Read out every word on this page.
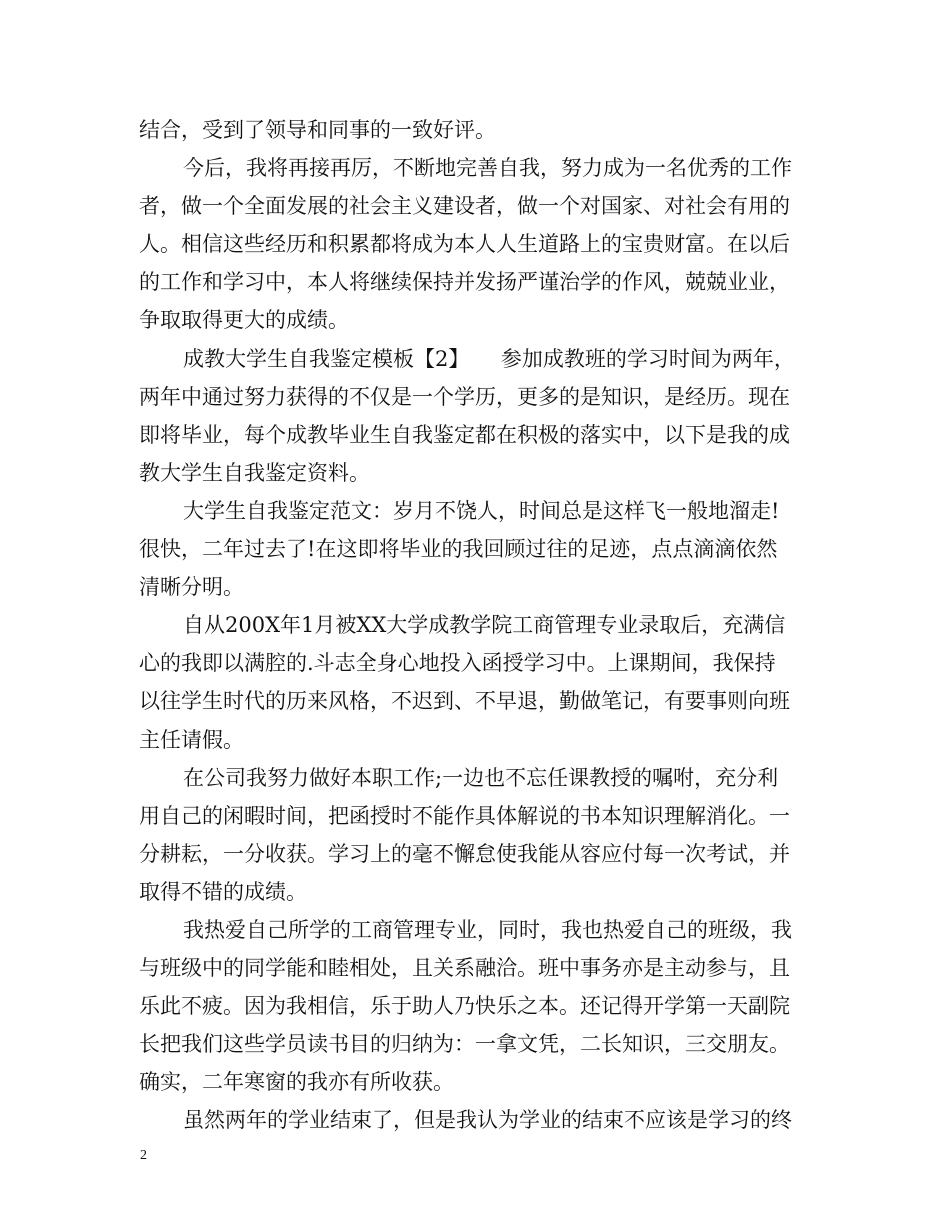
结合，受到了领导和同事的一致好评。
今后，我将再接再厉，不断地完善自我，努力成为一名优秀的工作
者，做一个全面发展的社会主义建设者，做一个对国家、对社会有用的
人。相信这些经历和积累都将成为本人人生道路上的宝贵财富。在以后
的工作和学习中，本人将继续保持并发扬严谨治学的作风，兢兢业业，
争取取得更大的成绩。
成教大学生自我鉴定模板【2】　　参加成教班的学习时间为两年，
两年中通过努力获得的不仅是一个学历，更多的是知识，是经历。现在
即将毕业，每个成教毕业生自我鉴定都在积极的落实中，以下是我的成
教大学生自我鉴定资料。
大学生自我鉴定范文：岁月不饶人，时间总是这样飞一般地溜走!
很快，二年过去了!在这即将毕业的我回顾过往的足迹，点点滴滴依然
清晰分明。
自从200X年1月被XX大学成教学院工商管理专业录取后，充满信
心的我即以满腔的.斗志全身心地投入函授学习中。上课期间，我保持
以往学生时代的历来风格，不迟到、不早退，勤做笔记，有要事则向班
主任请假。
在公司我努力做好本职工作;一边也不忘任课教授的嘱咐，充分利
用自己的闲暇时间，把函授时不能作具体解说的书本知识理解消化。一
分耕耘，一分收获。学习上的毫不懈怠使我能从容应付每一次考试，并
取得不错的成绩。
我热爱自己所学的工商管理专业，同时，我也热爱自己的班级，我
与班级中的同学能和睦相处，且关系融洽。班中事务亦是主动参与，且
乐此不疲。因为我相信，乐于助人乃快乐之本。还记得开学第一天副院
长把我们这些学员读书目的归纳为：一拿文凭，二长知识，三交朋友。
确实，二年寒窗的我亦有所收获。
虽然两年的学业结束了，但是我认为学业的结束不应该是学习的终
2
